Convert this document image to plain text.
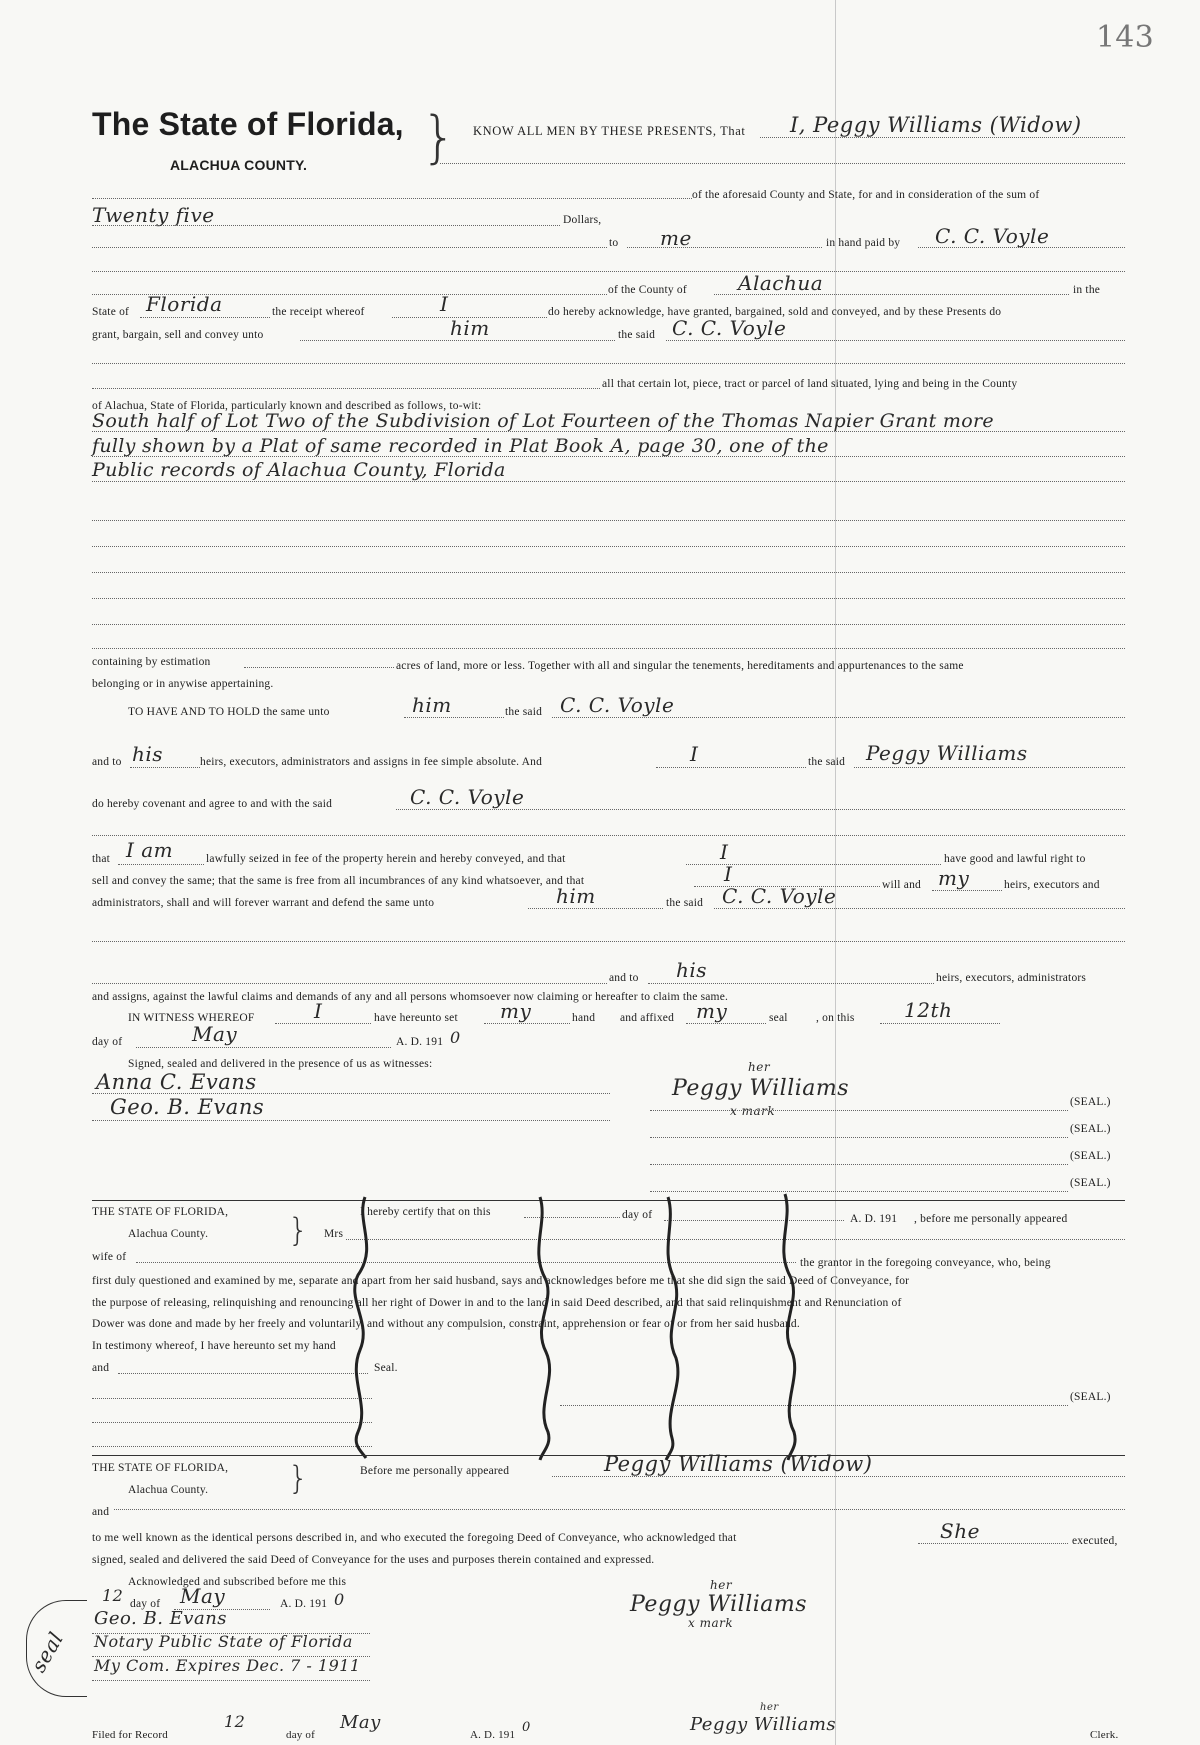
143
The State of Florida,
ALACHUA COUNTY. } KNOW ALL MEN BY THESE PRESENTS, That I, Peggy Williams (Widow)
of the aforesaid County and State, for and in consideration of the sum of
Twenty five	Dollars,
to me	in hand paid by C. C. Voyle
of the County of	Alachua	in the
State of Florida	the receipt whereof	I	do hereby acknowledge, have granted, bargained, sold and conveyed, and by these Presents do
grant, bargain, sell and convey unto	him	the said C. C. Voyle
all that certain lot, piece, tract or parcel of land situated, lying and being in the County
of Alachua, State of Florida, particularly known and described as follows, to-wit:
South half of Lot Two of the Subdivision of Lot Fourteen of the Thomas Napier Grant more
fully shown by a Plat of same recorded in Plat Book A, page 30, one of the
Public records of Alachua County, Florida
containing by estimation	acres of land, more or less. Together with all and singular the tenements, hereditaments and appurtenances to the same
belonging or in anywise appertaining.
TO HAVE AND TO HOLD the same unto	him	the said C. C. Voyle
and to his	heirs, executors, administrators and assigns in fee simple absolute. And	I	the said Peggy Williams
do hereby covenant and agree to and with the said	C. C. Voyle
that I am	lawfully seized in fee of the property herein and hereby conveyed, and that	I	have good and lawful right to
sell and convey the same; that the same is free from all incumbrances of any kind whatsoever, and that	I	will and my	heirs, executors and
administrators, shall and will forever warrant and defend the same unto	him	the said C. C. Voyle
and to his	heirs, executors, administrators
and assigns, against the lawful claims and demands of any and all persons whomsoever now claiming or hereafter to claim the same.
IN WITNESS WHEREOF	I	have hereunto set my	hand and affixed my	seal , on this 12th
day of	May	A. D. 191 0
Signed, sealed and delivered in the presence of us as witnesses:
Anna C. Evans
Geo. B. Evans
Peggy Williams
her
x mark
(SEAL.)
(SEAL.)
(SEAL.)
(SEAL.)
THE STATE OF FLORIDA,
Alachua County. }	I hereby certify that on this	day of	A. D. 191 , before me personally appeared
Mrs
wife of	the grantor in the foregoing conveyance, who, being
first duly questioned and examined by me, separate and apart from her said husband, says and acknowledges before me that she did sign the said Deed of Conveyance, for
the purpose of releasing, relinquishing and renouncing all her right of Dower in and to the land in said Deed described, and that said relinquishment and Renunciation of
Dower was done and made by her freely and voluntarily, and without any compulsion, constraint, apprehension or fear of or from her said husband.
In testimony whereof, I have hereunto set my hand
and	Seal.
(SEAL.)
THE STATE OF FLORIDA,
Alachua County. }	Before me personally appeared	Peggy Williams (Widow)
and
to me well known as the identical persons described in, and who executed the foregoing Deed of Conveyance, who acknowledged that	She	executed,
signed, sealed and delivered the said Deed of Conveyance for the uses and purposes therein contained and expressed.
Acknowledged and subscribed before me this
12 day of May	A. D. 191 0
Geo. B. Evans
Notary Public State of Florida
My Com. Expires Dec. 7 - 1911
seal
Peggy Williams
her
x mark
Filed for Record
12
day of
May
A. D. 191 0	Peggy Williams
her
Clerk.
